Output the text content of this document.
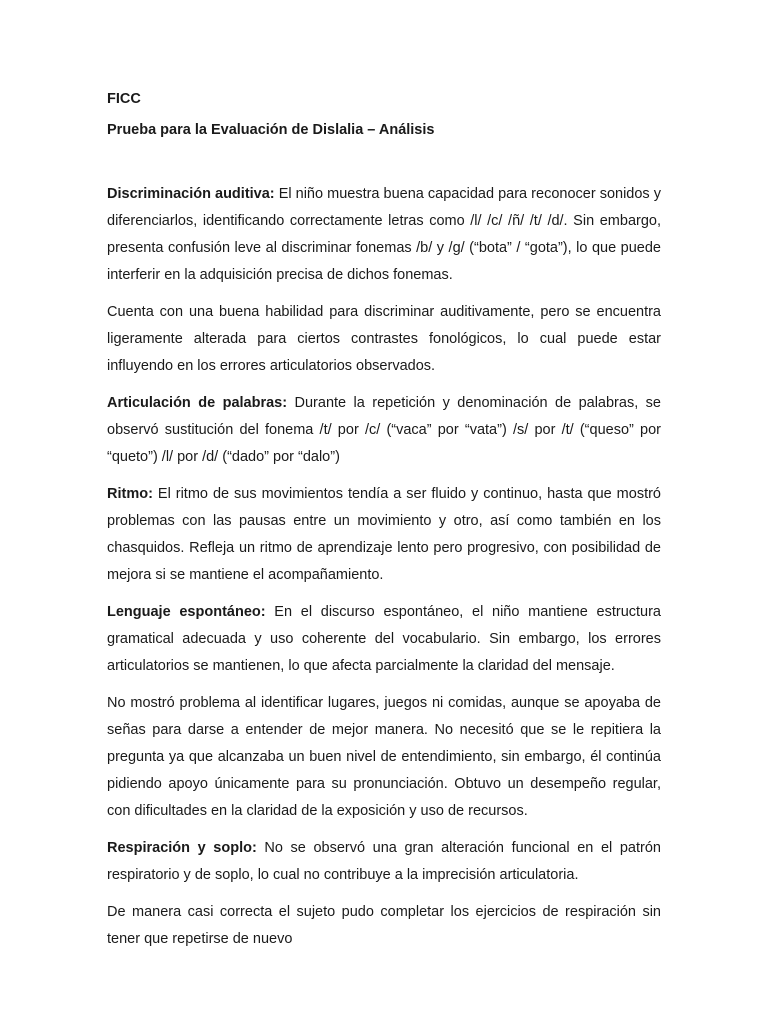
FICC

Prueba para la Evaluación de Dislalia – Análisis

Discriminación auditiva: El niño muestra buena capacidad para reconocer sonidos y diferenciarlos, identificando correctamente letras como /l/ /c/ /ñ/ /t/ /d/. Sin embargo, presenta confusión leve al discriminar fonemas /b/ y /g/ (“bota” / “gota”), lo que puede interferir en la adquisición precisa de dichos fonemas.

Cuenta con una buena habilidad para discriminar auditivamente, pero se encuentra ligeramente alterada para ciertos contrastes fonológicos, lo cual puede estar influyendo en los errores articulatorios observados.

Articulación de palabras: Durante la repetición y denominación de palabras, se observó sustitución del fonema /t/ por /c/ (“vaca” por “vata”) /s/ por /t/ (“queso” por “queto”) /l/ por /d/ (“dado” por “dalo”)

Ritmo: El ritmo de sus movimientos tendía a ser fluido y continuo, hasta que mostró problemas con las pausas entre un movimiento y otro, así como también en los chasquidos. Refleja un ritmo de aprendizaje lento pero progresivo, con posibilidad de mejora si se mantiene el acompañamiento.

Lenguaje espontáneo: En el discurso espontáneo, el niño mantiene estructura gramatical adecuada y uso coherente del vocabulario. Sin embargo, los errores articulatorios se mantienen, lo que afecta parcialmente la claridad del mensaje.

No mostró problema al identificar lugares, juegos ni comidas, aunque se apoyaba de señas para darse a entender de mejor manera. No necesitó que se le repitiera la pregunta ya que alcanzaba un buen nivel de entendimiento, sin embargo, él continúa pidiendo apoyo únicamente para su pronunciación. Obtuvo un desempeño regular, con dificultades en la claridad de la exposición y uso de recursos.

Respiración y soplo: No se observó una gran alteración funcional en el patrón respiratorio y de soplo, lo cual no contribuye a la imprecisión articulatoria.

De manera casi correcta el sujeto pudo completar los ejercicios de respiración sin tener que repetirse de nuevo
